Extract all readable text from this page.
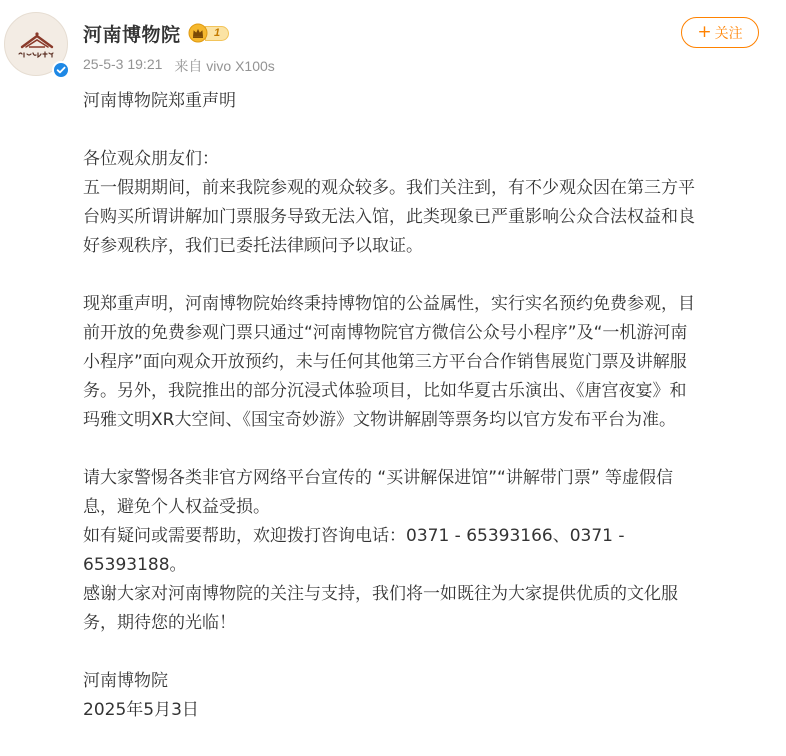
河南博物院	1
25-5-3 19:21 来自 vivo X100s
+ 关注
河南博物院郑重声明
各位观众朋友们：
五一假期期间，前来我院参观的观众较多。我们关注到，有不少观众因在第三方平
台购买所谓讲解加门票服务导致无法入馆，此类现象已严重影响公众合法权益和良
好参观秩序，我们已委托法律顾问予以取证。
现郑重声明，河南博物院始终秉持博物馆的公益属性，实行实名预约免费参观，目
前开放的免费参观门票只通过“河南博物院官方微信公众号小程序”及“一机游河南
小程序”面向观众开放预约，未与任何其他第三方平台合作销售展览门票及讲解服
务。另外，我院推出的部分沉浸式体验项目，比如华夏古乐演出、《唐宫夜宴》和
玛雅文明XR大空间、《国宝奇妙游》文物讲解剧等票务均以官方发布平台为准。
请大家警惕各类非官方网络平台宣传的 “买讲解保进馆”“讲解带门票” 等虚假信
息，避免个人权益受损。
如有疑问或需要帮助，欢迎拨打咨询电话：0371 - 65393166、0371 -
65393188。
感谢大家对河南博物院的关注与支持，我们将一如既往为大家提供优质的文化服
务，期待您的光临！
河南博物院
2025年5月3日
